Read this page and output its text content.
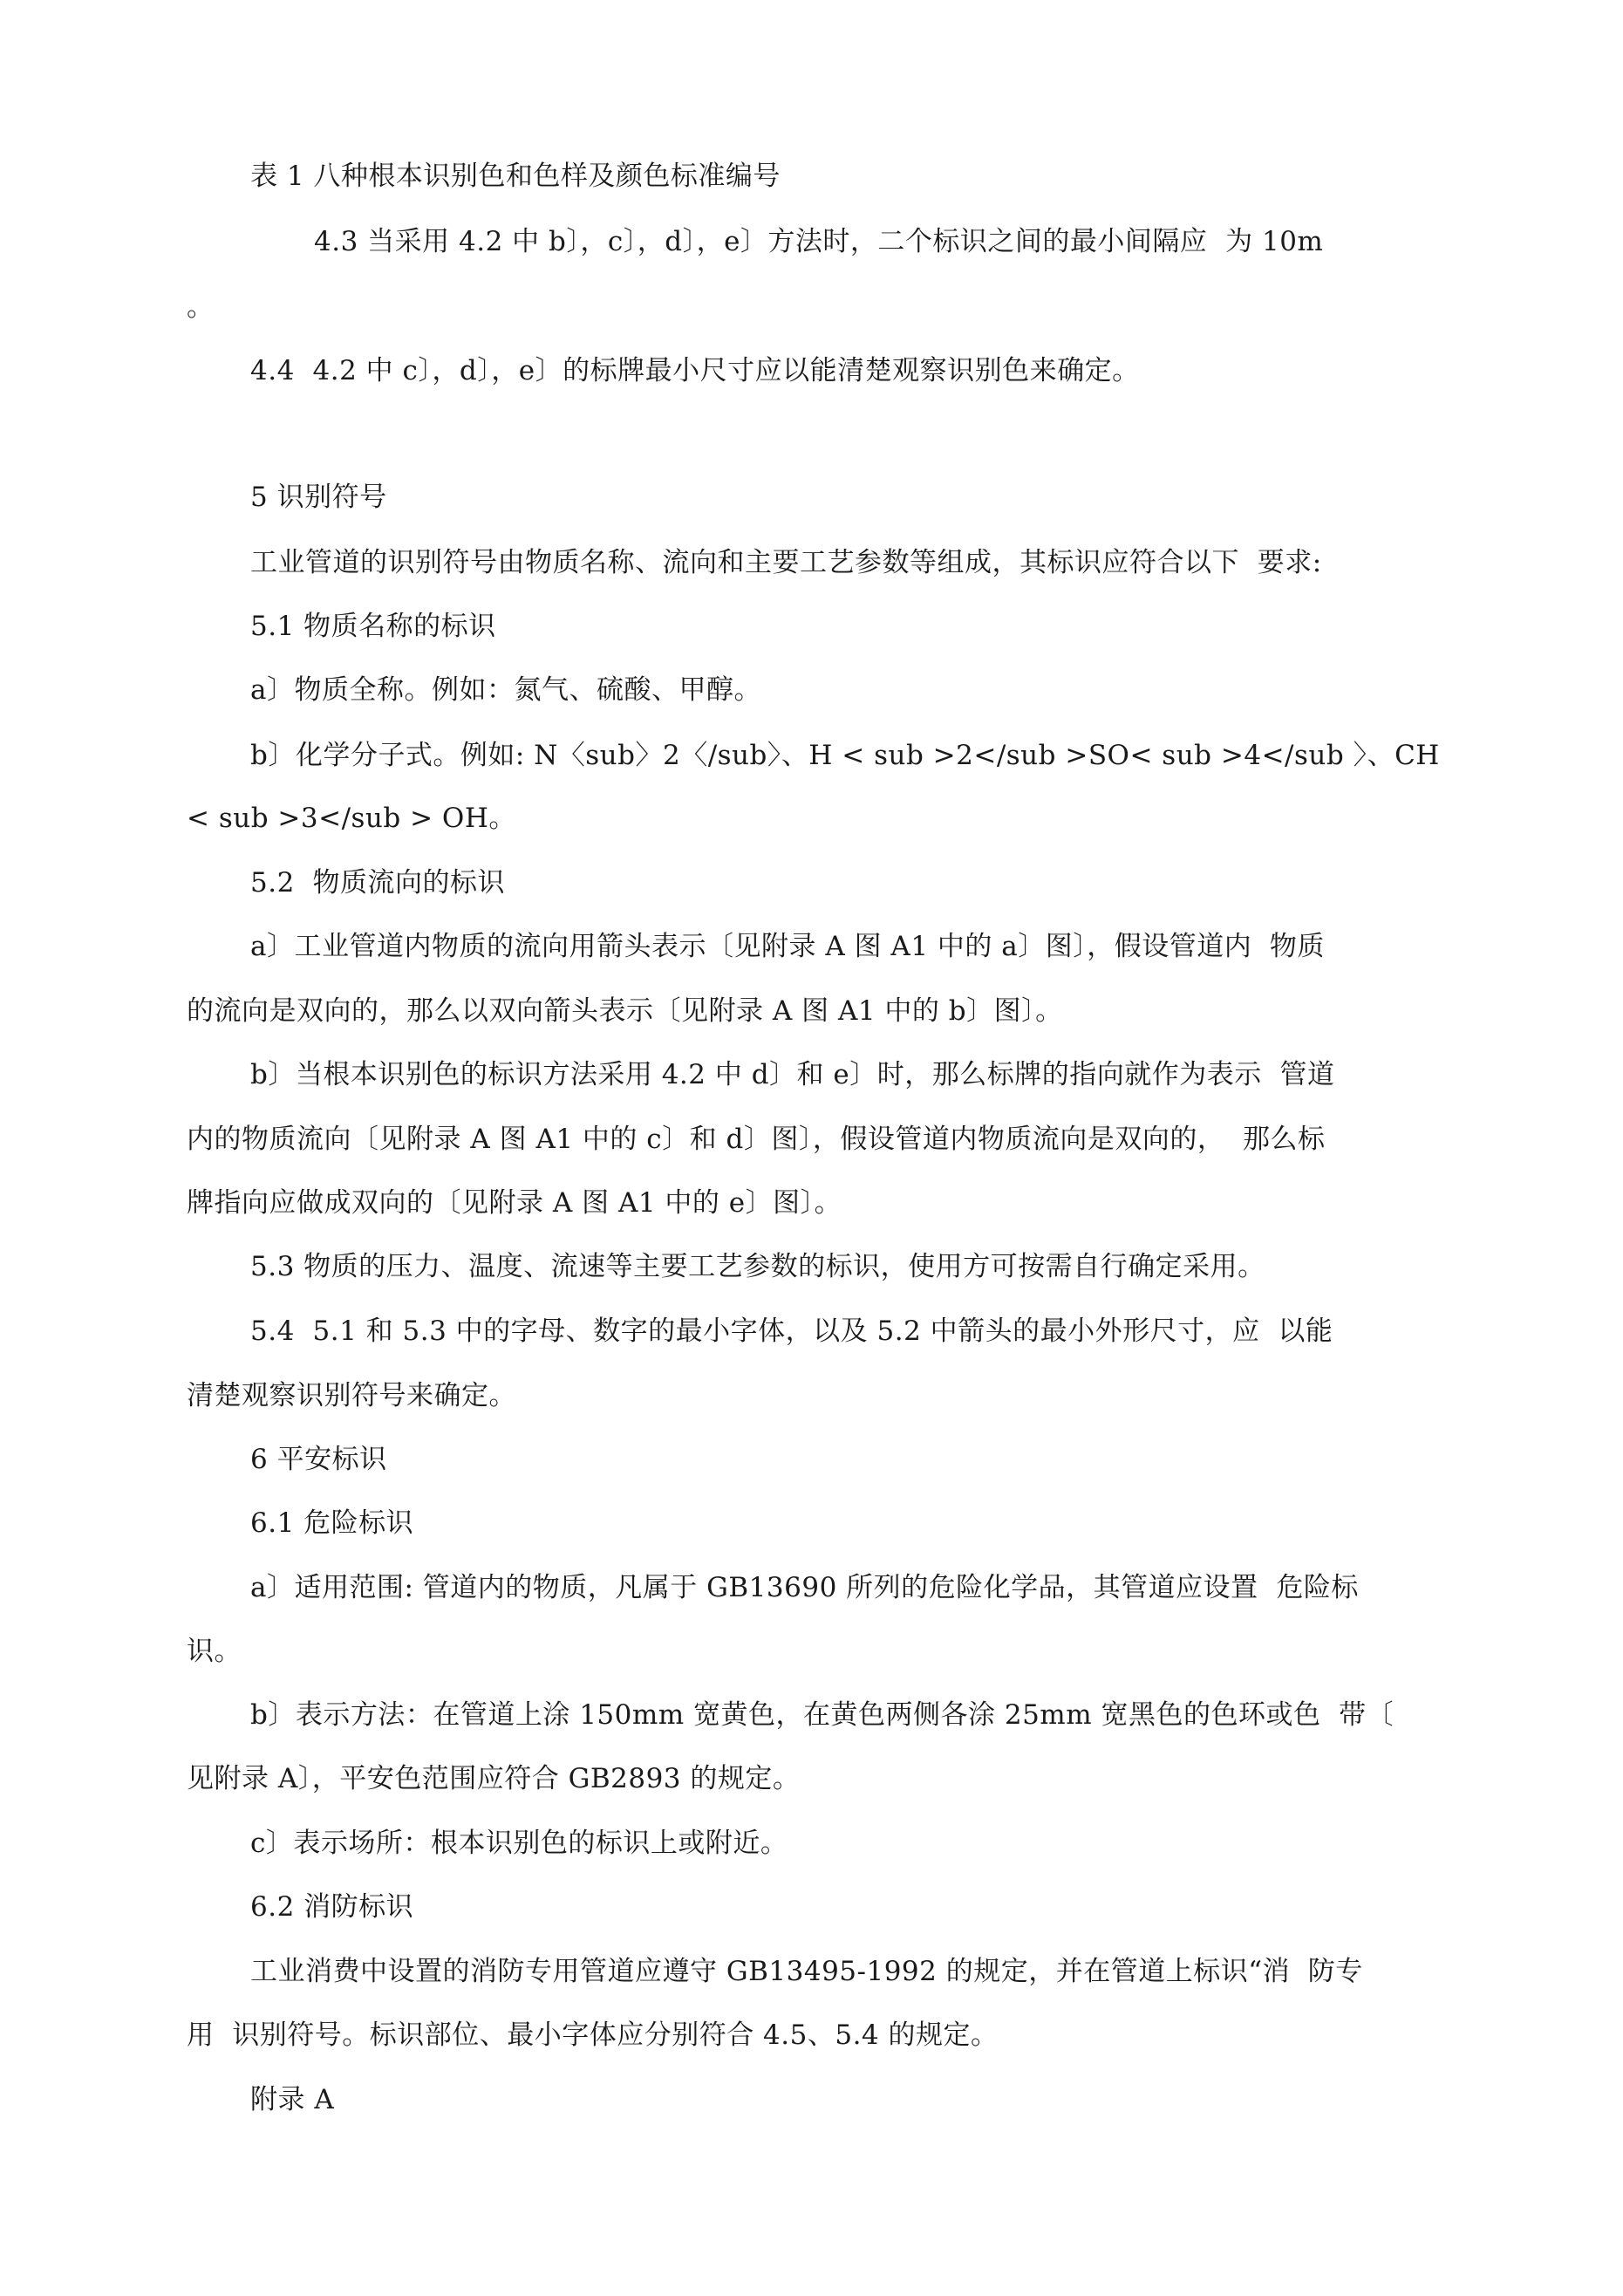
表 1 八种根本识别色和色样及颜色标准编号

4.3 当采用 4.2 中 b〕，c〕，d〕，e〕方法时，二个标识之间的最小间隔应  为 10m

。

4.4  4.2 中 c〕，d〕，e〕的标牌最小尺寸应以能清楚观察识别色来确定。

5 识别符号

工业管道的识别符号由物质名称、流向和主要工艺参数等组成，其标识应符合以下  要求:

5.1 物质名称的标识

a〕物质全称。例如：氮气、硫酸、甲醇。

b〕化学分子式。例如: N〈sub〉2〈/sub〉、H < sub >2</sub >SO< sub >4</sub 〉、CH

< sub >3</sub > OH。

5.2  物质流向的标识

a〕工业管道内物质的流向用箭头表示〔见附录 A 图 A1 中的 a〕图〕，假设管道内  物质

的流向是双向的，那么以双向箭头表示〔见附录 A 图 A1 中的 b〕图〕。

b〕当根本识别色的标识方法采用 4.2 中 d〕和 e〕时，那么标牌的指向就作为表示  管道

内的物质流向〔见附录 A 图 A1 中的 c〕和 d〕图〕，假设管道内物质流向是双向的，  那么标

牌指向应做成双向的〔见附录 A 图 A1 中的 e〕图〕。

5.3 物质的压力、温度、流速等主要工艺参数的标识，使用方可按需自行确定采用。

5.4  5.1 和 5.3 中的字母、数字的最小字体，以及 5.2 中箭头的最小外形尺寸，应  以能

清楚观察识别符号来确定。

6 平安标识

6.1 危险标识

a〕适用范围: 管道内的物质，凡属于 GB13690 所列的危险化学品，其管道应设置  危险标

识。

b〕表示方法：在管道上涂 150mm 宽黄色，在黄色两侧各涂 25mm 宽黑色的色环或色  带〔

见附录 A〕，平安色范围应符合 GB2893 的规定。

c〕表示场所：根本识别色的标识上或附近。

6.2 消防标识

工业消费中设置的消防专用管道应遵守 GB13495-1992 的规定，并在管道上标识“消  防专

用  识别符号。标识部位、最小字体应分别符合 4.5、5.4 的规定。

附录 A
